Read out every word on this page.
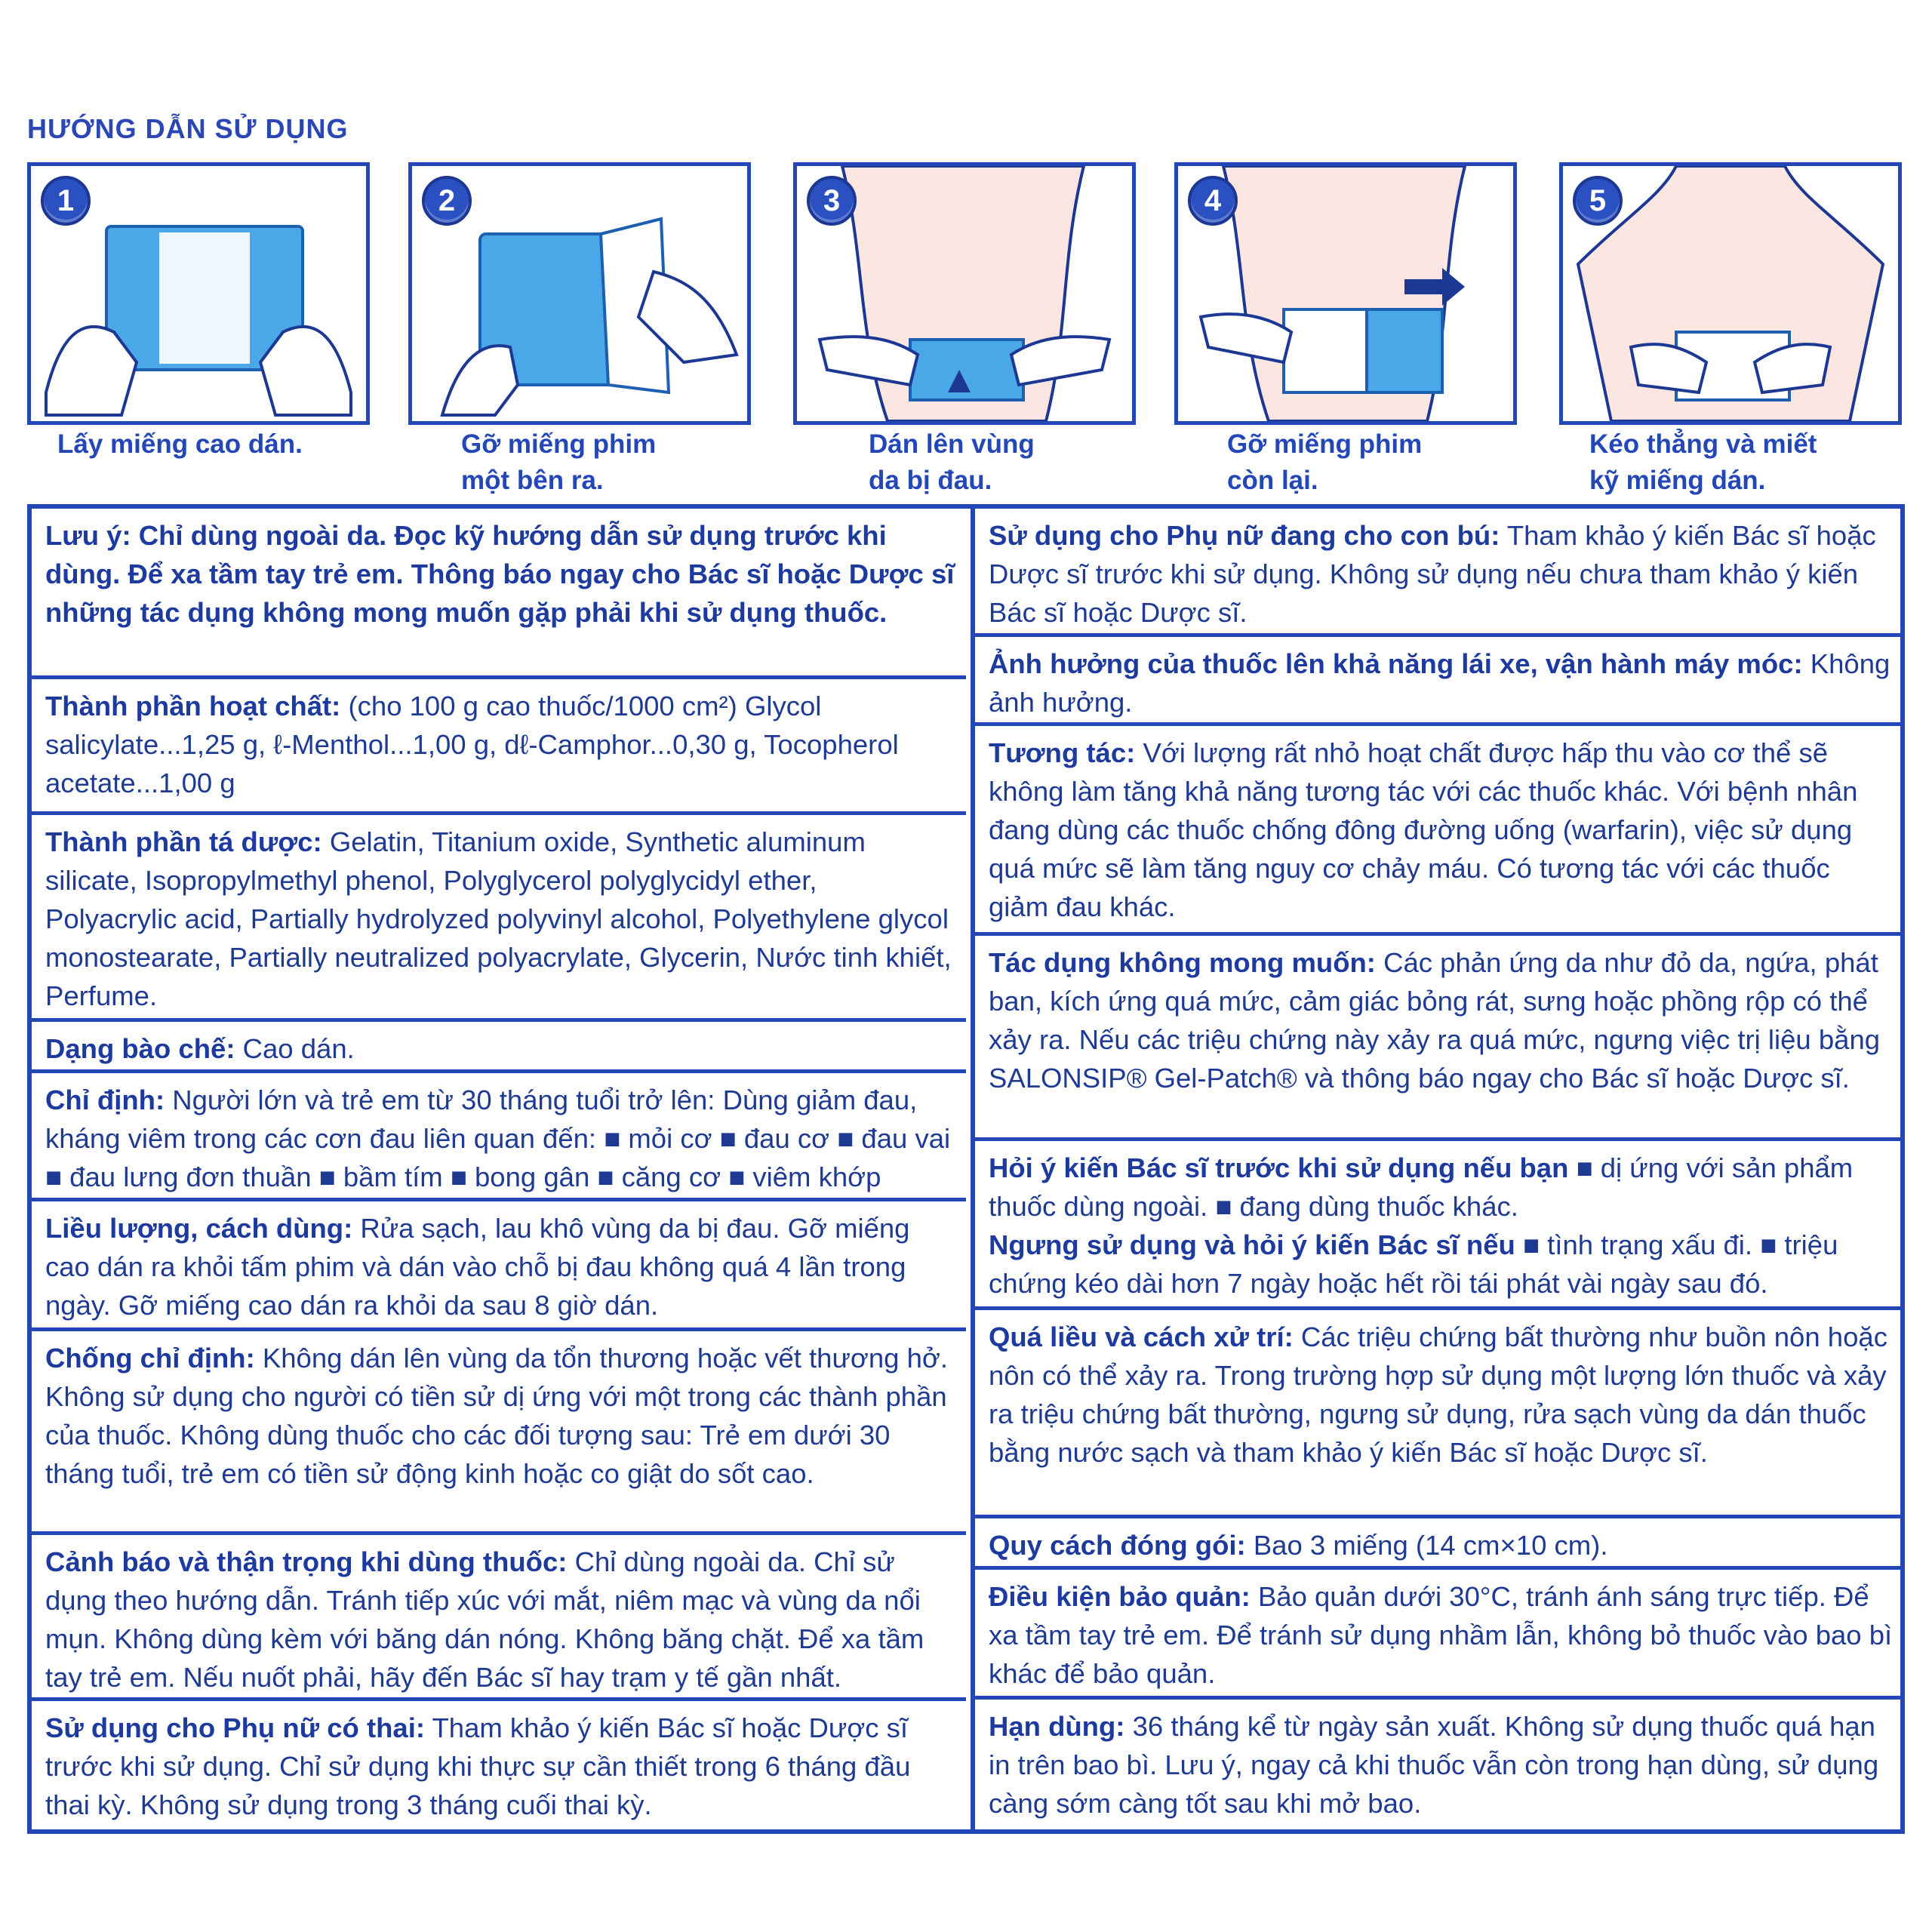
HƯỚNG DẪN SỬ DỤNG
1
Lấy miếng cao dán.
2
Gỡ miếng phim
một bên ra.
3
Dán lên vùng
da bị đau.
4
Gỡ miếng phim
còn lại.
5
Kéo thẳng và miết
kỹ miếng dán.
Lưu ý: Chỉ dùng ngoài da. Đọc kỹ hướng dẫn sử dụng trước khi dùng. Để xa tầm tay trẻ em. Thông báo ngay cho Bác sĩ hoặc Dược sĩ những tác dụng không mong muốn gặp phải khi sử dụng thuốc.
Thành phần hoạt chất: (cho 100 g cao thuốc/1000 cm²) Glycol salicylate...1,25 g, ℓ-Menthol...1,00 g, dℓ-Camphor...0,30 g, Tocopherol acetate...1,00 g
Thành phần tá dược: Gelatin, Titanium oxide, Synthetic aluminum silicate, Isopropylmethyl phenol, Polyglycerol polyglycidyl ether, Polyacrylic acid, Partially hydrolyzed polyvinyl alcohol, Polyethylene glycol monostearate, Partially neutralized polyacrylate, Glycerin, Nước tinh khiết, Perfume.
Dạng bào chế: Cao dán.
Chỉ định: Người lớn và trẻ em từ 30 tháng tuổi trở lên: Dùng giảm đau, kháng viêm trong các cơn đau liên quan đến: ■ mỏi cơ ■ đau cơ ■ đau vai ■ đau lưng đơn thuần ■ bầm tím ■ bong gân ■ căng cơ ■ viêm khớp
Liều lượng, cách dùng: Rửa sạch, lau khô vùng da bị đau. Gỡ miếng cao dán ra khỏi tấm phim và dán vào chỗ bị đau không quá 4 lần trong ngày. Gỡ miếng cao dán ra khỏi da sau 8 giờ dán.
Chống chỉ định: Không dán lên vùng da tổn thương hoặc vết thương hở. Không sử dụng cho người có tiền sử dị ứng với một trong các thành phần của thuốc. Không dùng thuốc cho các đối tượng sau: Trẻ em dưới 30 tháng tuổi, trẻ em có tiền sử động kinh hoặc co giật do sốt cao.
Cảnh báo và thận trọng khi dùng thuốc: Chỉ dùng ngoài da. Chỉ sử dụng theo hướng dẫn. Tránh tiếp xúc với mắt, niêm mạc và vùng da nổi mụn. Không dùng kèm với băng dán nóng. Không băng chặt. Để xa tầm tay trẻ em. Nếu nuốt phải, hãy đến Bác sĩ hay trạm y tế gần nhất.
Sử dụng cho Phụ nữ có thai: Tham khảo ý kiến Bác sĩ hoặc Dược sĩ trước khi sử dụng. Chỉ sử dụng khi thực sự cần thiết trong 6 tháng đầu thai kỳ. Không sử dụng trong 3 tháng cuối thai kỳ.
Sử dụng cho Phụ nữ đang cho con bú: Tham khảo ý kiến Bác sĩ hoặc Dược sĩ trước khi sử dụng. Không sử dụng nếu chưa tham khảo ý kiến Bác sĩ hoặc Dược sĩ.
Ảnh hưởng của thuốc lên khả năng lái xe, vận hành máy móc: Không ảnh hưởng.
Tương tác: Với lượng rất nhỏ hoạt chất được hấp thu vào cơ thể sẽ không làm tăng khả năng tương tác với các thuốc khác. Với bệnh nhân đang dùng các thuốc chống đông đường uống (warfarin), việc sử dụng quá mức sẽ làm tăng nguy cơ chảy máu. Có tương tác với các thuốc giảm đau khác.
Tác dụng không mong muốn: Các phản ứng da như đỏ da, ngứa, phát ban, kích ứng quá mức, cảm giác bỏng rát, sưng hoặc phồng rộp có thể xảy ra. Nếu các triệu chứng này xảy ra quá mức, ngưng việc trị liệu bằng SALONSIP® Gel-Patch® và thông báo ngay cho Bác sĩ hoặc Dược sĩ.
Hỏi ý kiến Bác sĩ trước khi sử dụng nếu bạn ■ dị ứng với sản phẩm thuốc dùng ngoài. ■ đang dùng thuốc khác.
Ngưng sử dụng và hỏi ý kiến Bác sĩ nếu ■ tình trạng xấu đi. ■ triệu chứng kéo dài hơn 7 ngày hoặc hết rồi tái phát vài ngày sau đó.
Quá liều và cách xử trí: Các triệu chứng bất thường như buồn nôn hoặc nôn có thể xảy ra. Trong trường hợp sử dụng một lượng lớn thuốc và xảy ra triệu chứng bất thường, ngưng sử dụng, rửa sạch vùng da dán thuốc bằng nước sạch và tham khảo ý kiến Bác sĩ hoặc Dược sĩ.
Quy cách đóng gói: Bao 3 miếng (14 cm×10 cm).
Điều kiện bảo quản: Bảo quản dưới 30°C, tránh ánh sáng trực tiếp. Để xa tầm tay trẻ em. Để tránh sử dụng nhầm lẫn, không bỏ thuốc vào bao bì khác để bảo quản.
Hạn dùng: 36 tháng kể từ ngày sản xuất. Không sử dụng thuốc quá hạn in trên bao bì. Lưu ý, ngay cả khi thuốc vẫn còn trong hạn dùng, sử dụng càng sớm càng tốt sau khi mở bao.
